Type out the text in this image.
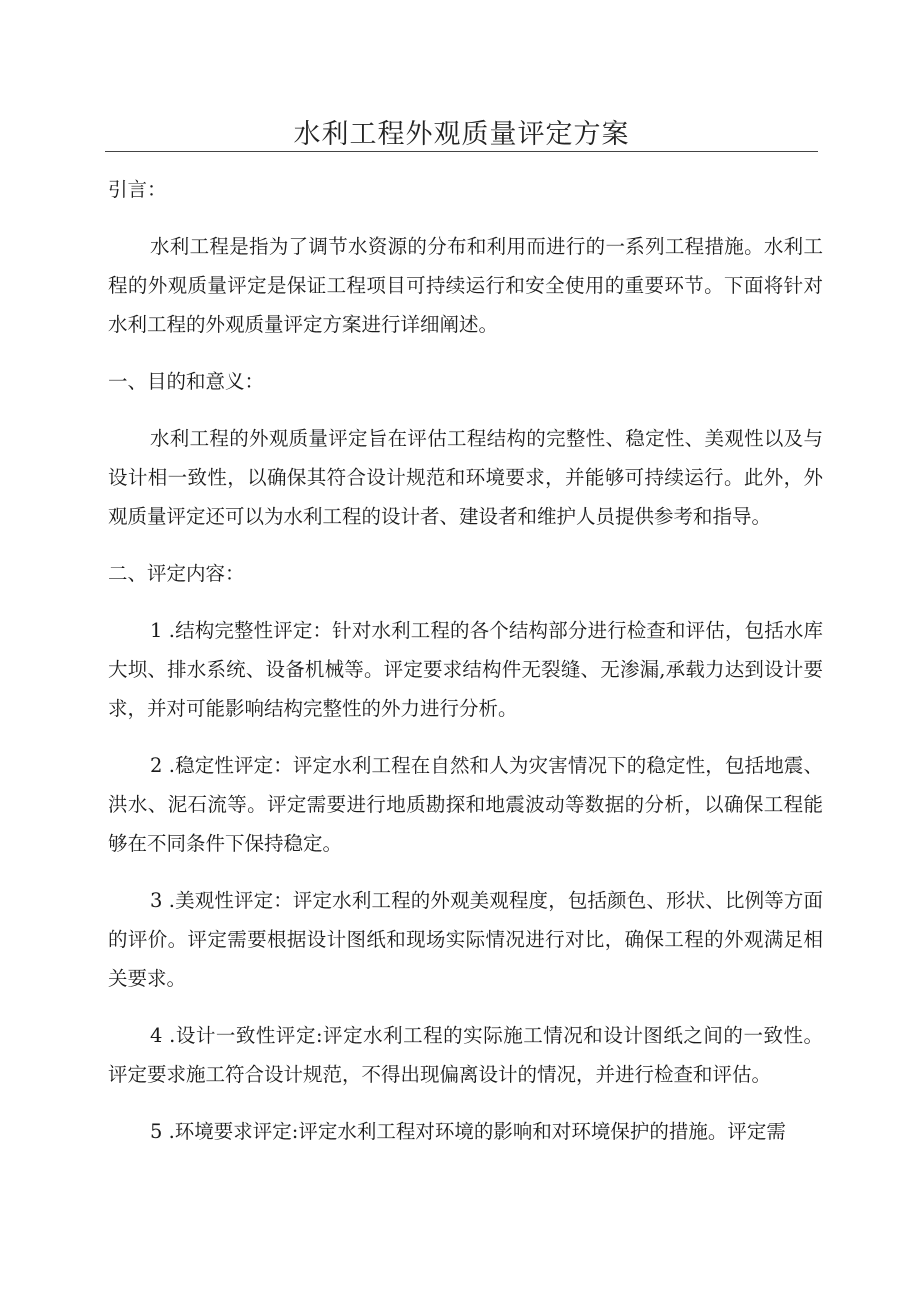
水利工程外观质量评定方案

引言：

水利工程是指为了调节水资源的分布和利用而进行的一系列工程措施。水利工程的外观质量评定是保证工程项目可持续运行和安全使用的重要环节。下面将针对水利工程的外观质量评定方案进行详细阐述。

一、目的和意义：

水利工程的外观质量评定旨在评估工程结构的完整性、稳定性、美观性以及与设计相一致性，以确保其符合设计规范和环境要求，并能够可持续运行。此外，外观质量评定还可以为水利工程的设计者、建设者和维护人员提供参考和指导。

二、评定内容：

1 .结构完整性评定：针对水利工程的各个结构部分进行检查和评估，包括水库大坝、排水系统、设备机械等。评定要求结构件无裂缝、无渗漏,承载力达到设计要求，并对可能影响结构完整性的外力进行分析。

2 .稳定性评定：评定水利工程在自然和人为灾害情况下的稳定性，包括地震、洪水、泥石流等。评定需要进行地质勘探和地震波动等数据的分析，以确保工程能够在不同条件下保持稳定。

3 .美观性评定：评定水利工程的外观美观程度，包括颜色、形状、比例等方面的评价。评定需要根据设计图纸和现场实际情况进行对比，确保工程的外观满足相关要求。

4 .设计一致性评定:评定水利工程的实际施工情况和设计图纸之间的一致性。评定要求施工符合设计规范，不得出现偏离设计的情况，并进行检查和评估。

5 .环境要求评定:评定水利工程对环境的影响和对环境保护的措施。评定需
